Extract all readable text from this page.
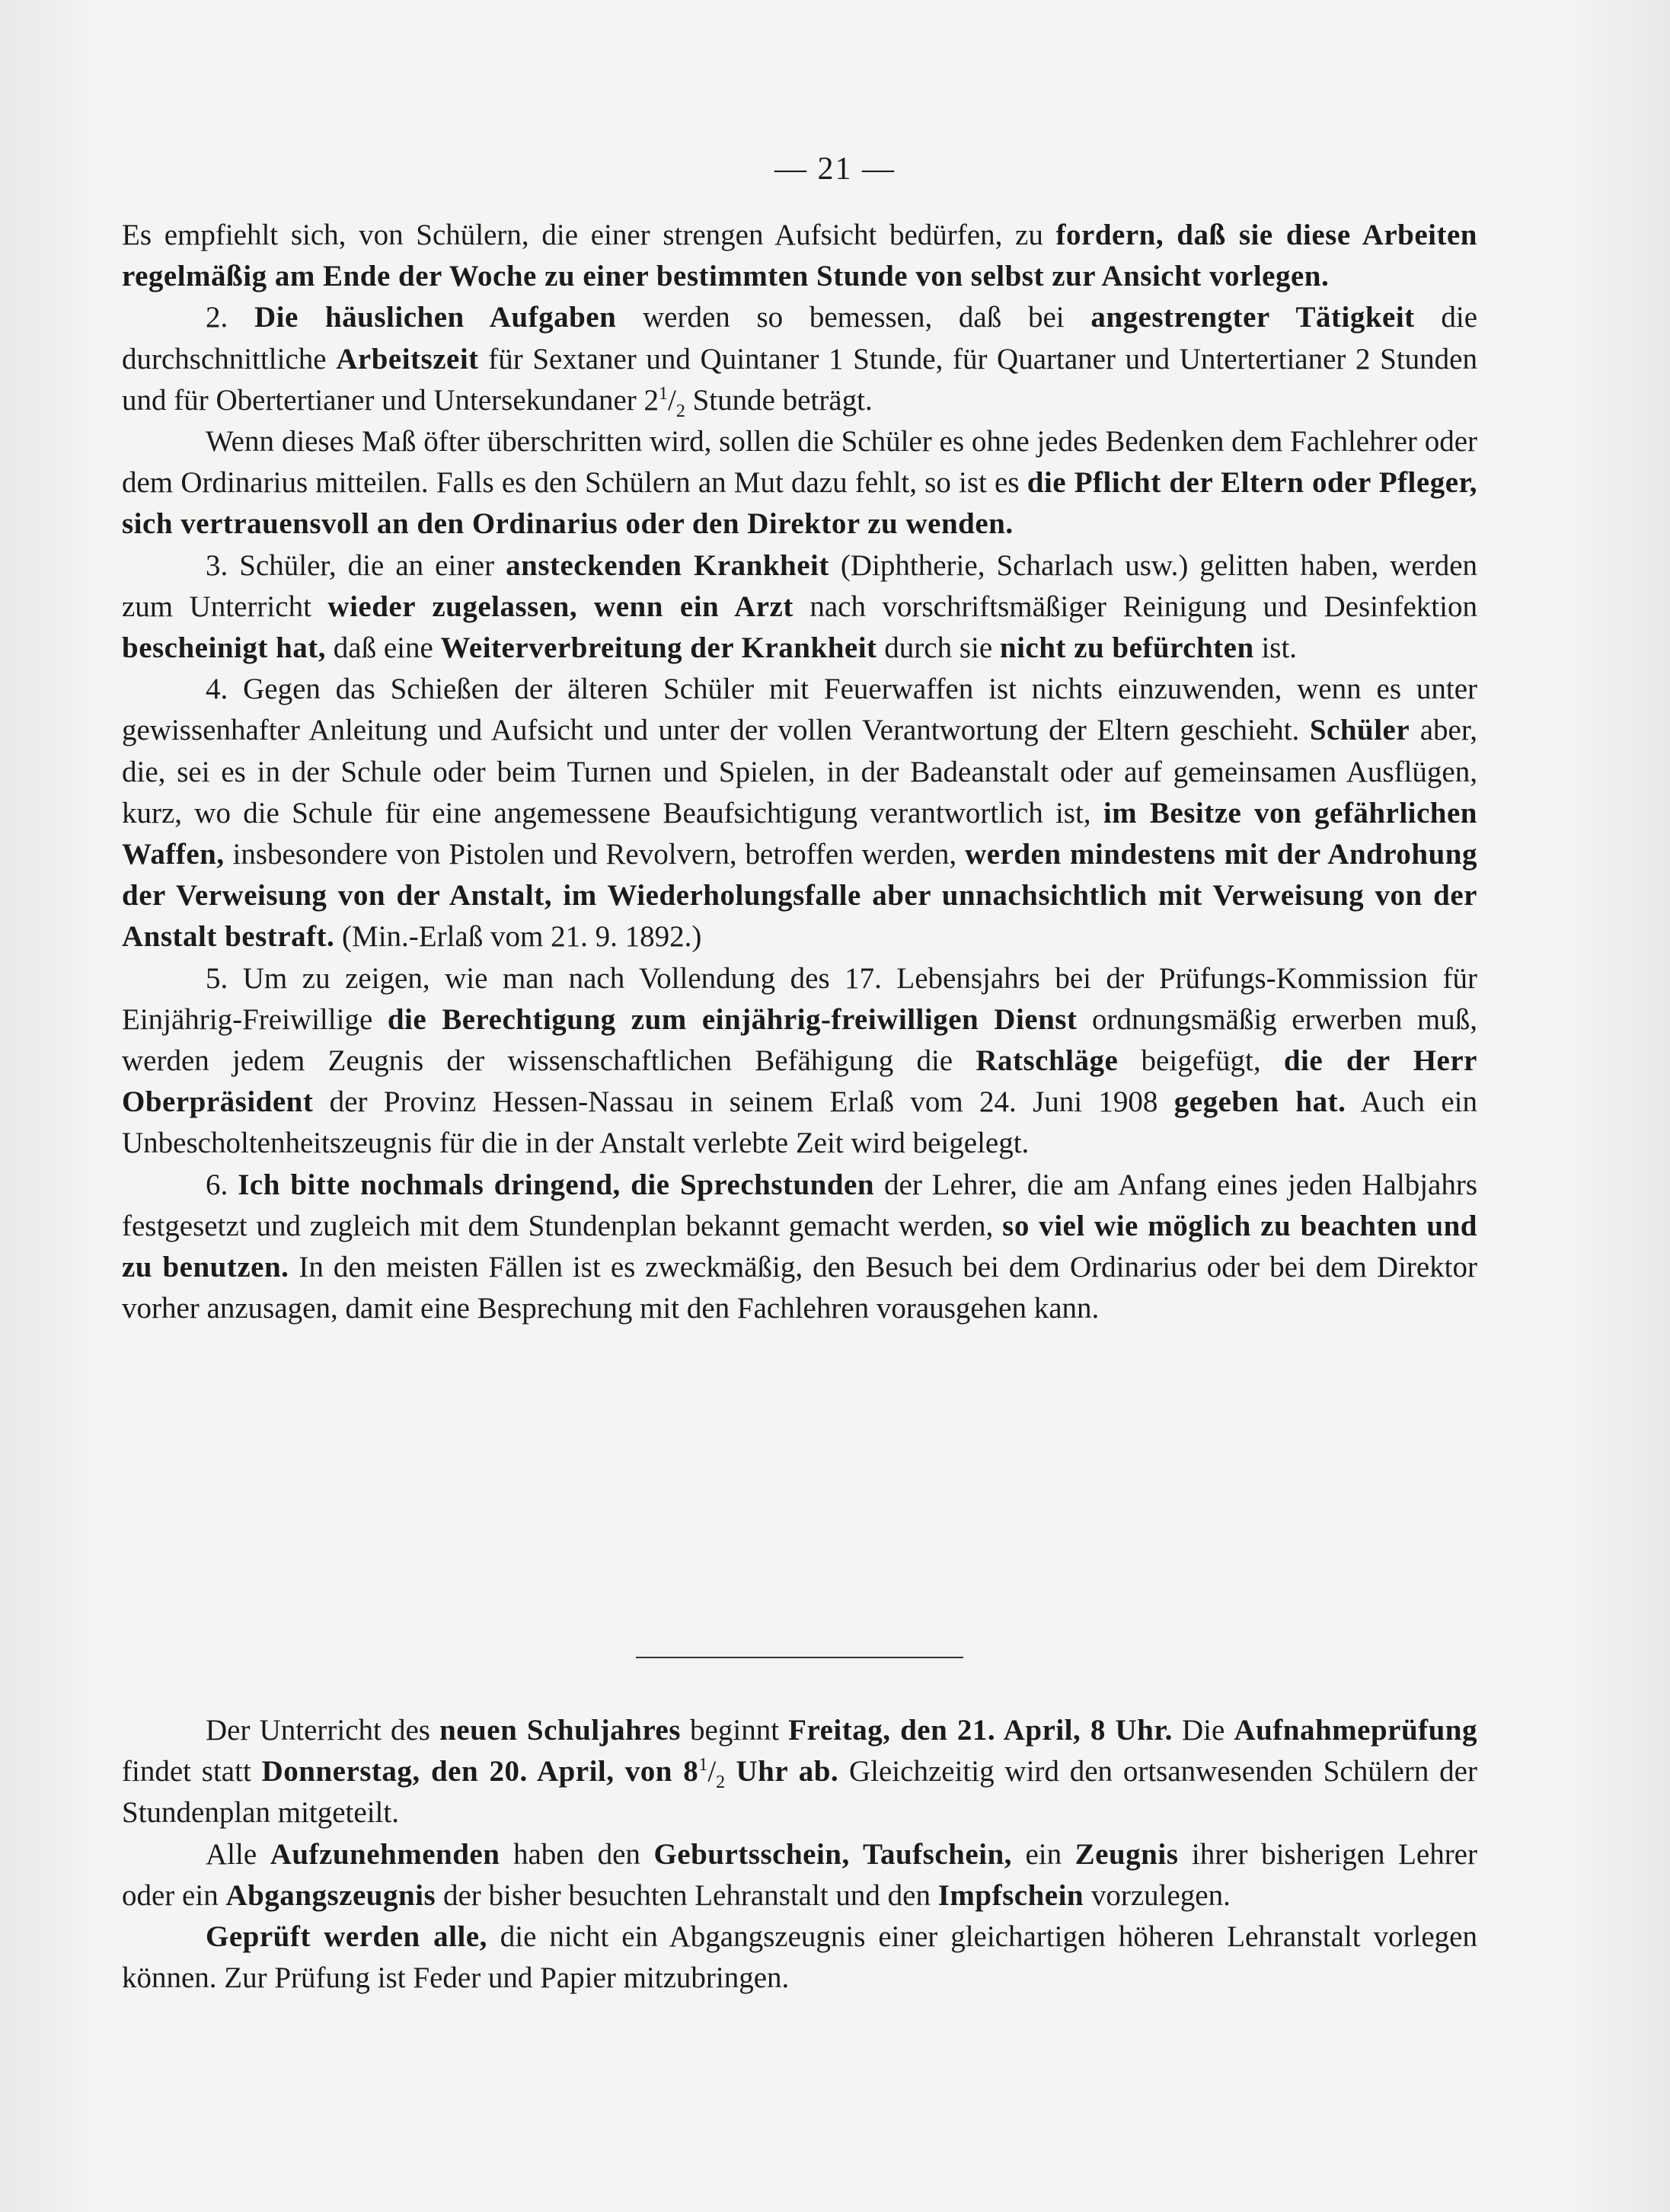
— 21 —

Es empfiehlt sich, von Schülern, die einer strengen Aufsicht bedürfen, zu fordern, daß sie diese Arbeiten regelmäßig am Ende der Woche zu einer bestimmten Stunde von selbst zur Ansicht vorlegen.

2. Die häuslichen Aufgaben werden so bemessen, daß bei angestrengter Tätigkeit die durchschnittliche Arbeitszeit für Sextaner und Quintaner 1 Stunde, für Quartaner und Untertertianer 2 Stunden und für Obertertianer und Untersekundaner $2^1/_2$ Stunde beträgt.

Wenn dieses Maß öfter überschritten wird, sollen die Schüler es ohne jedes Bedenken dem Fachlehrer oder dem Ordinarius mitteilen. Falls es den Schülern an Mut dazu fehlt, so ist es die Pflicht der Eltern oder Pfleger, sich vertrauensvoll an den Ordinarius oder den Direktor zu wenden.

3. Schüler, die an einer ansteckenden Krankheit (Diphtherie, Scharlach usw.) gelitten haben, werden zum Unterricht wieder zugelassen, wenn ein Arzt nach vorschriftsmäßiger Reinigung und Desinfektion bescheinigt hat, daß eine Weiterverbreitung der Krankheit durch sie nicht zu befürchten ist.

4. Gegen das Schießen der älteren Schüler mit Feuerwaffen ist nichts einzuwenden, wenn es unter gewissenhafter Anleitung und Aufsicht und unter der vollen Verantwortung der Eltern geschieht. Schüler aber, die, sei es in der Schule oder beim Turnen und Spielen, in der Badeanstalt oder auf gemeinsamen Ausflügen, kurz, wo die Schule für eine angemessene Beaufsichtigung verantwortlich ist, im Besitze von gefährlichen Waffen, insbesondere von Pistolen und Revolvern, betroffen werden, werden mindestens mit der Androhung der Verweisung von der Anstalt, im Wiederholungsfalle aber unnachsichtlich mit Verweisung von der Anstalt bestraft. (Min.-Erlaß vom 21. 9. 1892.)

5. Um zu zeigen, wie man nach Vollendung des 17. Lebensjahrs bei der Prüfungs-Kommission für Einjährig-Freiwillige die Berechtigung zum einjährig-freiwilligen Dienst ordnungsmäßig erwerben muß, werden jedem Zeugnis der wissenschaftlichen Befähigung die Ratschläge beigefügt, die der Herr Oberpräsident der Provinz Hessen-Nassau in seinem Erlaß vom 24. Juni 1908 gegeben hat. Auch ein Unbescholtenheitszeugnis für die in der Anstalt verlebte Zeit wird beigelegt.

6. Ich bitte nochmals dringend, die Sprechstunden der Lehrer, die am Anfang eines jeden Halbjahrs festgesetzt und zugleich mit dem Stundenplan bekannt gemacht werden, so viel wie möglich zu beachten und zu benutzen. In den meisten Fällen ist es zweckmäßig, den Besuch bei dem Ordinarius oder bei dem Direktor vorher anzusagen, damit eine Besprechung mit den Fachlehren vorausgehen kann.

Der Unterricht des neuen Schuljahres beginnt Freitag, den 21. April, 8 Uhr. Die Aufnahmeprüfung findet statt Donnerstag, den 20. April, von $8^1/_2$ Uhr ab. Gleichzeitig wird den ortsanwesenden Schülern der Stundenplan mitgeteilt.

Alle Aufzunehmenden haben den Geburtsschein, Taufschein, ein Zeugnis ihrer bisherigen Lehrer oder ein Abgangszeugnis der bisher besuchten Lehranstalt und den Impfschein vorzulegen.

Geprüft werden alle, die nicht ein Abgangszeugnis einer gleichartigen höheren Lehranstalt vorlegen können. Zur Prüfung ist Feder und Papier mitzubringen.
